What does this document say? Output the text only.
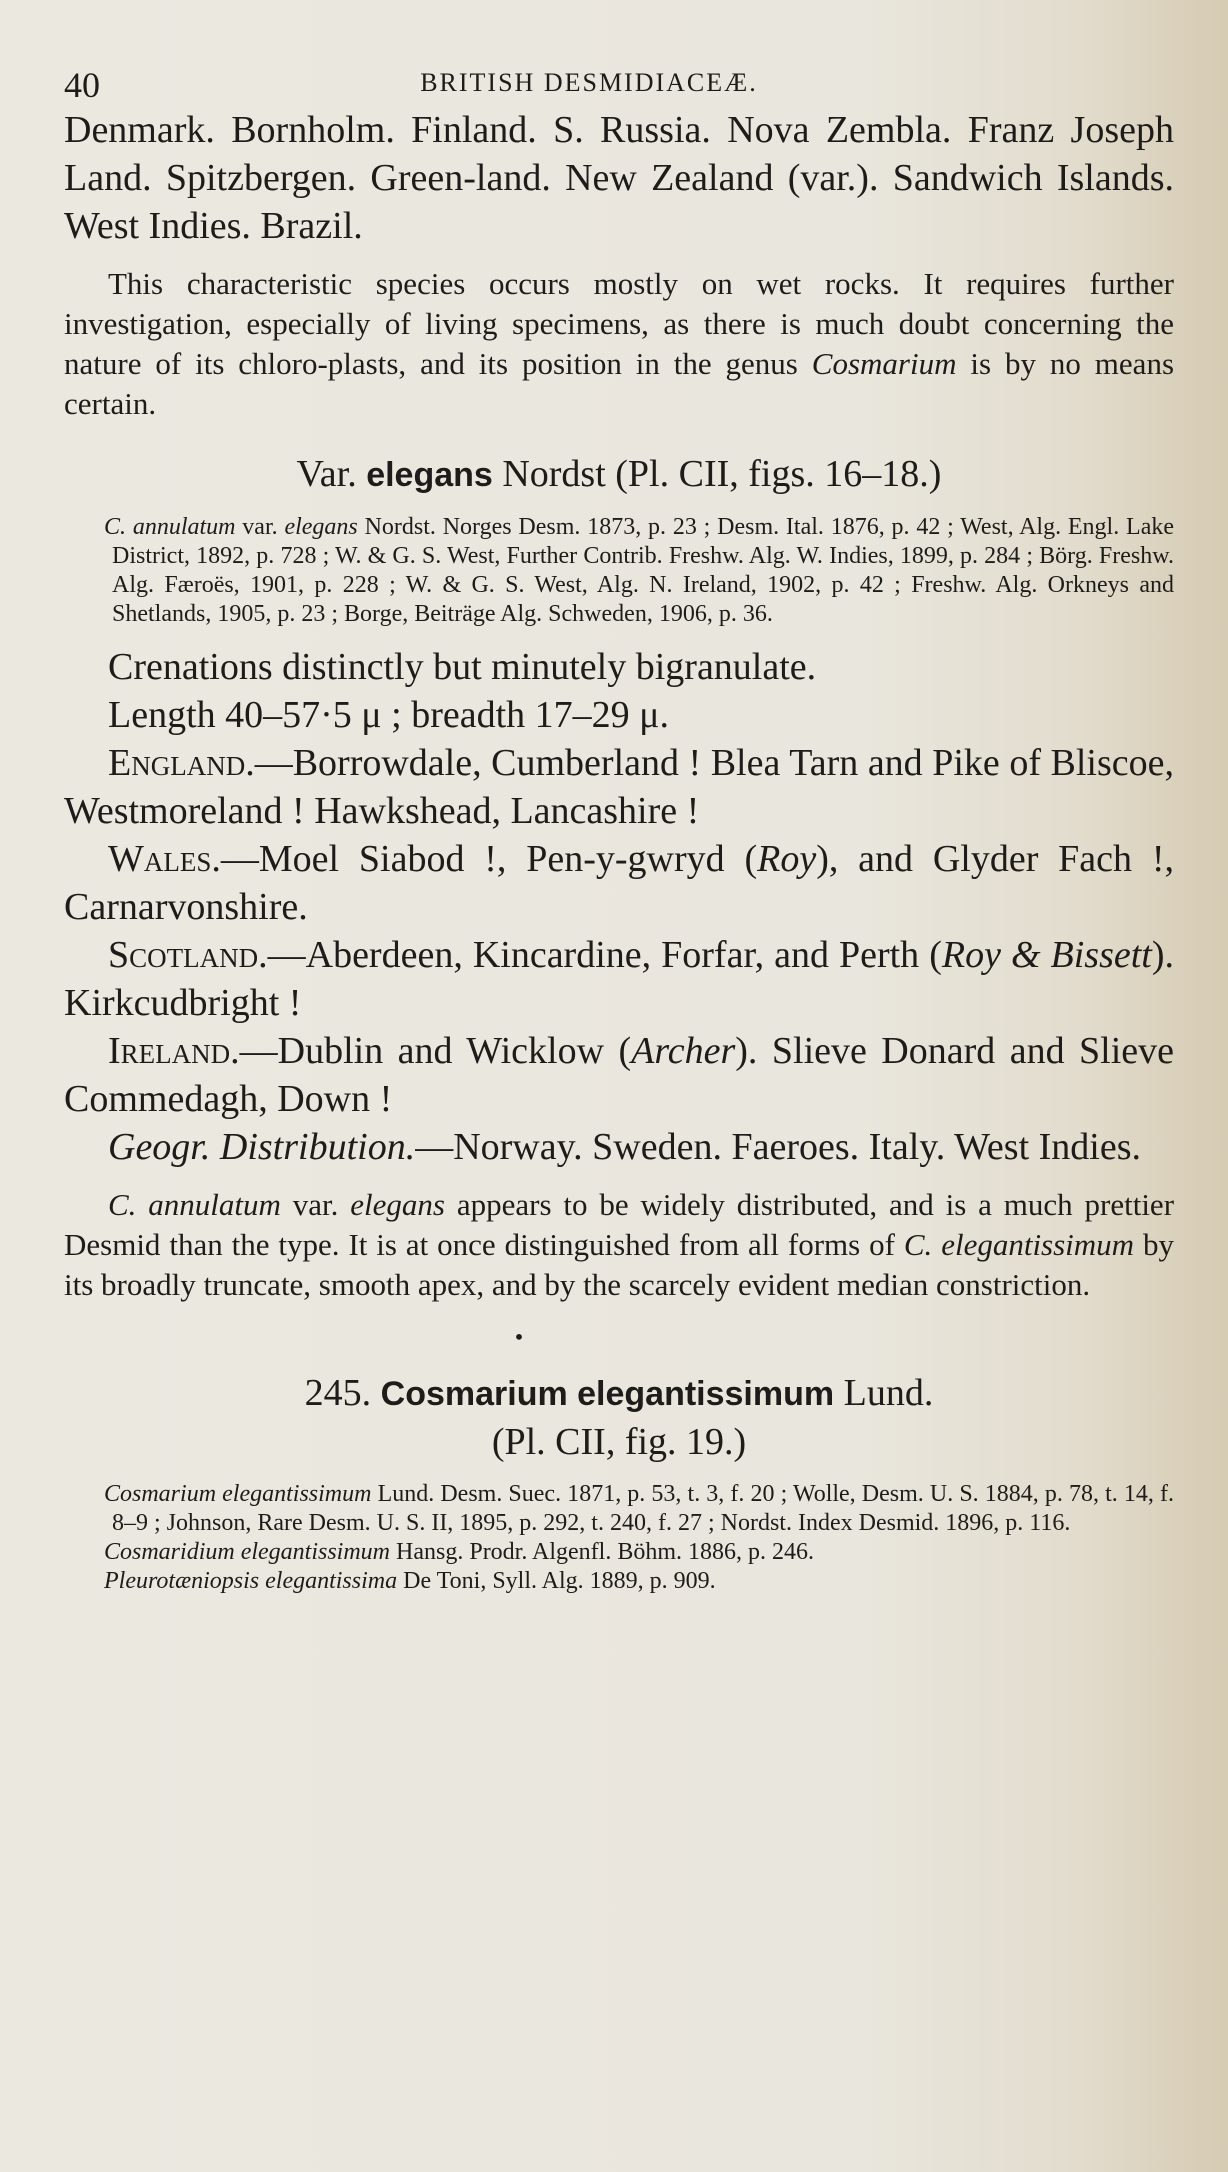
40	BRITISH DESMIDIACEÆ.

Denmark. Bornholm. Finland. S. Russia. Nova Zembla. Franz Joseph Land. Spitzbergen. Green-land. New Zealand (var.). Sandwich Islands. West Indies. Brazil.

This characteristic species occurs mostly on wet rocks. It requires further investigation, especially of living specimens, as there is much doubt concerning the nature of its chloro-plasts, and its position in the genus Cosmarium is by no means certain.

Var. elegans Nordst (Pl. CII, figs. 16–18.)

C. annulatum var. elegans Nordst. Norges Desm. 1873, p. 23 ; Desm. Ital. 1876, p. 42 ; West, Alg. Engl. Lake District, 1892, p. 728 ; W. & G. S. West, Further Contrib. Freshw. Alg. W. Indies, 1899, p. 284 ; Börg. Freshw. Alg. Færoës, 1901, p. 228 ; W. & G. S. West, Alg. N. Ireland, 1902, p. 42 ; Freshw. Alg. Orkneys and Shetlands, 1905, p. 23 ; Borge, Beiträge Alg. Schweden, 1906, p. 36.

Crenations distinctly but minutely bigranulate.

Length 40–57·5 μ ; breadth 17–29 μ.

England.—Borrowdale, Cumberland ! Blea Tarn and Pike of Bliscoe, Westmoreland ! Hawkshead, Lancashire !

Wales.—Moel Siabod !, Pen-y-gwryd (Roy), and Glyder Fach !, Carnarvonshire.

Scotland.—Aberdeen, Kincardine, Forfar, and Perth (Roy & Bissett). Kirkcudbright !

Ireland.—Dublin and Wicklow (Archer). Slieve Donard and Slieve Commedagh, Down !

Geogr. Distribution.—Norway. Sweden. Faeroes. Italy. West Indies.

C. annulatum var. elegans appears to be widely distributed, and is a much prettier Desmid than the type. It is at once distinguished from all forms of C. elegantissimum by its broadly truncate, smooth apex, and by the scarcely evident median constriction.

•

245. Cosmarium elegantissimum Lund.

(Pl. CII, fig. 19.)

Cosmarium elegantissimum Lund. Desm. Suec. 1871, p. 53, t. 3, f. 20 ; Wolle, Desm. U. S. 1884, p. 78, t. 14, f. 8–9 ; Johnson, Rare Desm. U. S. II, 1895, p. 292, t. 240, f. 27 ; Nordst. Index Desmid. 1896, p. 116.

Cosmaridium elegantissimum Hansg. Prodr. Algenfl. Böhm. 1886, p. 246.

Pleurotæniopsis elegantissima De Toni, Syll. Alg. 1889, p. 909.
